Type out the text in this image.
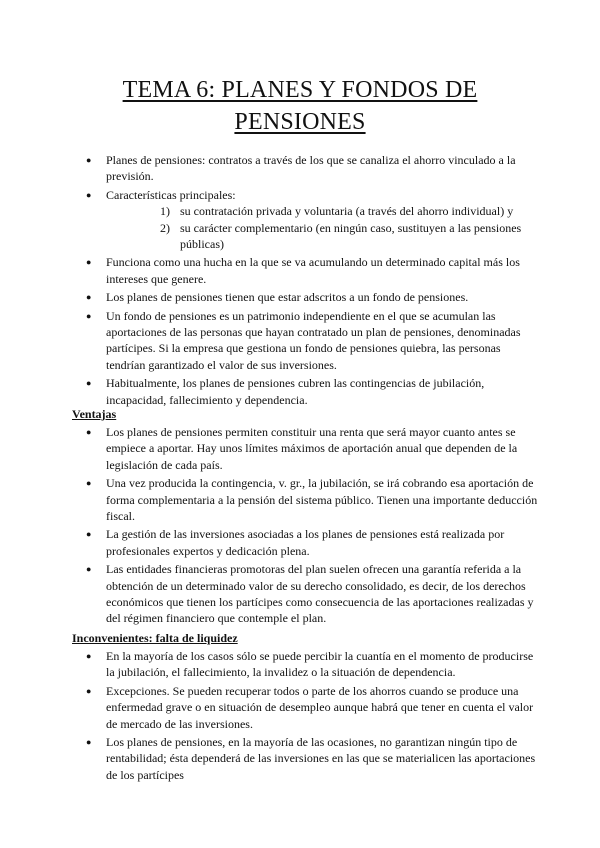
TEMA 6: PLANES Y FONDOS DE
PENSIONES
● Planes de pensiones: contratos a través de los que se canaliza el ahorro vinculado a la previsión.
● Características principales:
1) su contratación privada y voluntaria (a través del ahorro individual) y
2) su carácter complementario (en ningún caso, sustituyen a las pensiones públicas)
● Funciona como una hucha en la que se va acumulando un determinado capital más los intereses que genere.
● Los planes de pensiones tienen que estar adscritos a un fondo de pensiones.
● Un fondo de pensiones es un patrimonio independiente en el que se acumulan las aportaciones de las personas que hayan contratado un plan de pensiones, denominadas partícipes. Si la empresa que gestiona un fondo de pensiones quiebra, las personas tendrían garantizado el valor de sus inversiones.
● Habitualmente, los planes de pensiones cubren las contingencias de jubilación, incapacidad, fallecimiento y dependencia.
Ventajas
● Los planes de pensiones permiten constituir una renta que será mayor cuanto antes se empiece a aportar. Hay unos límites máximos de aportación anual que dependen de la legislación de cada país.
● Una vez producida la contingencia, v. gr., la jubilación, se irá cobrando esa aportación de forma complementaria a la pensión del sistema público. Tienen una importante deducción fiscal.
● La gestión de las inversiones asociadas a los planes de pensiones está realizada por profesionales expertos y dedicación plena.
● Las entidades financieras promotoras del plan suelen ofrecen una garantía referida a la obtención de un determinado valor de su derecho consolidado, es decir, de los derechos económicos que tienen los partícipes como consecuencia de las aportaciones realizadas y del régimen financiero que contemple el plan.
Inconvenientes: falta de liquidez
● En la mayoría de los casos sólo se puede percibir la cuantía en el momento de producirse la jubilación, el fallecimiento, la invalidez o la situación de dependencia.
● Excepciones. Se pueden recuperar todos o parte de los ahorros cuando se produce una enfermedad grave o en situación de desempleo aunque habrá que tener en cuenta el valor de mercado de las inversiones.
● Los planes de pensiones, en la mayoría de las ocasiones, no garantizan ningún tipo de rentabilidad; ésta dependerá de las inversiones en las que se materialicen las aportaciones de los partícipes
